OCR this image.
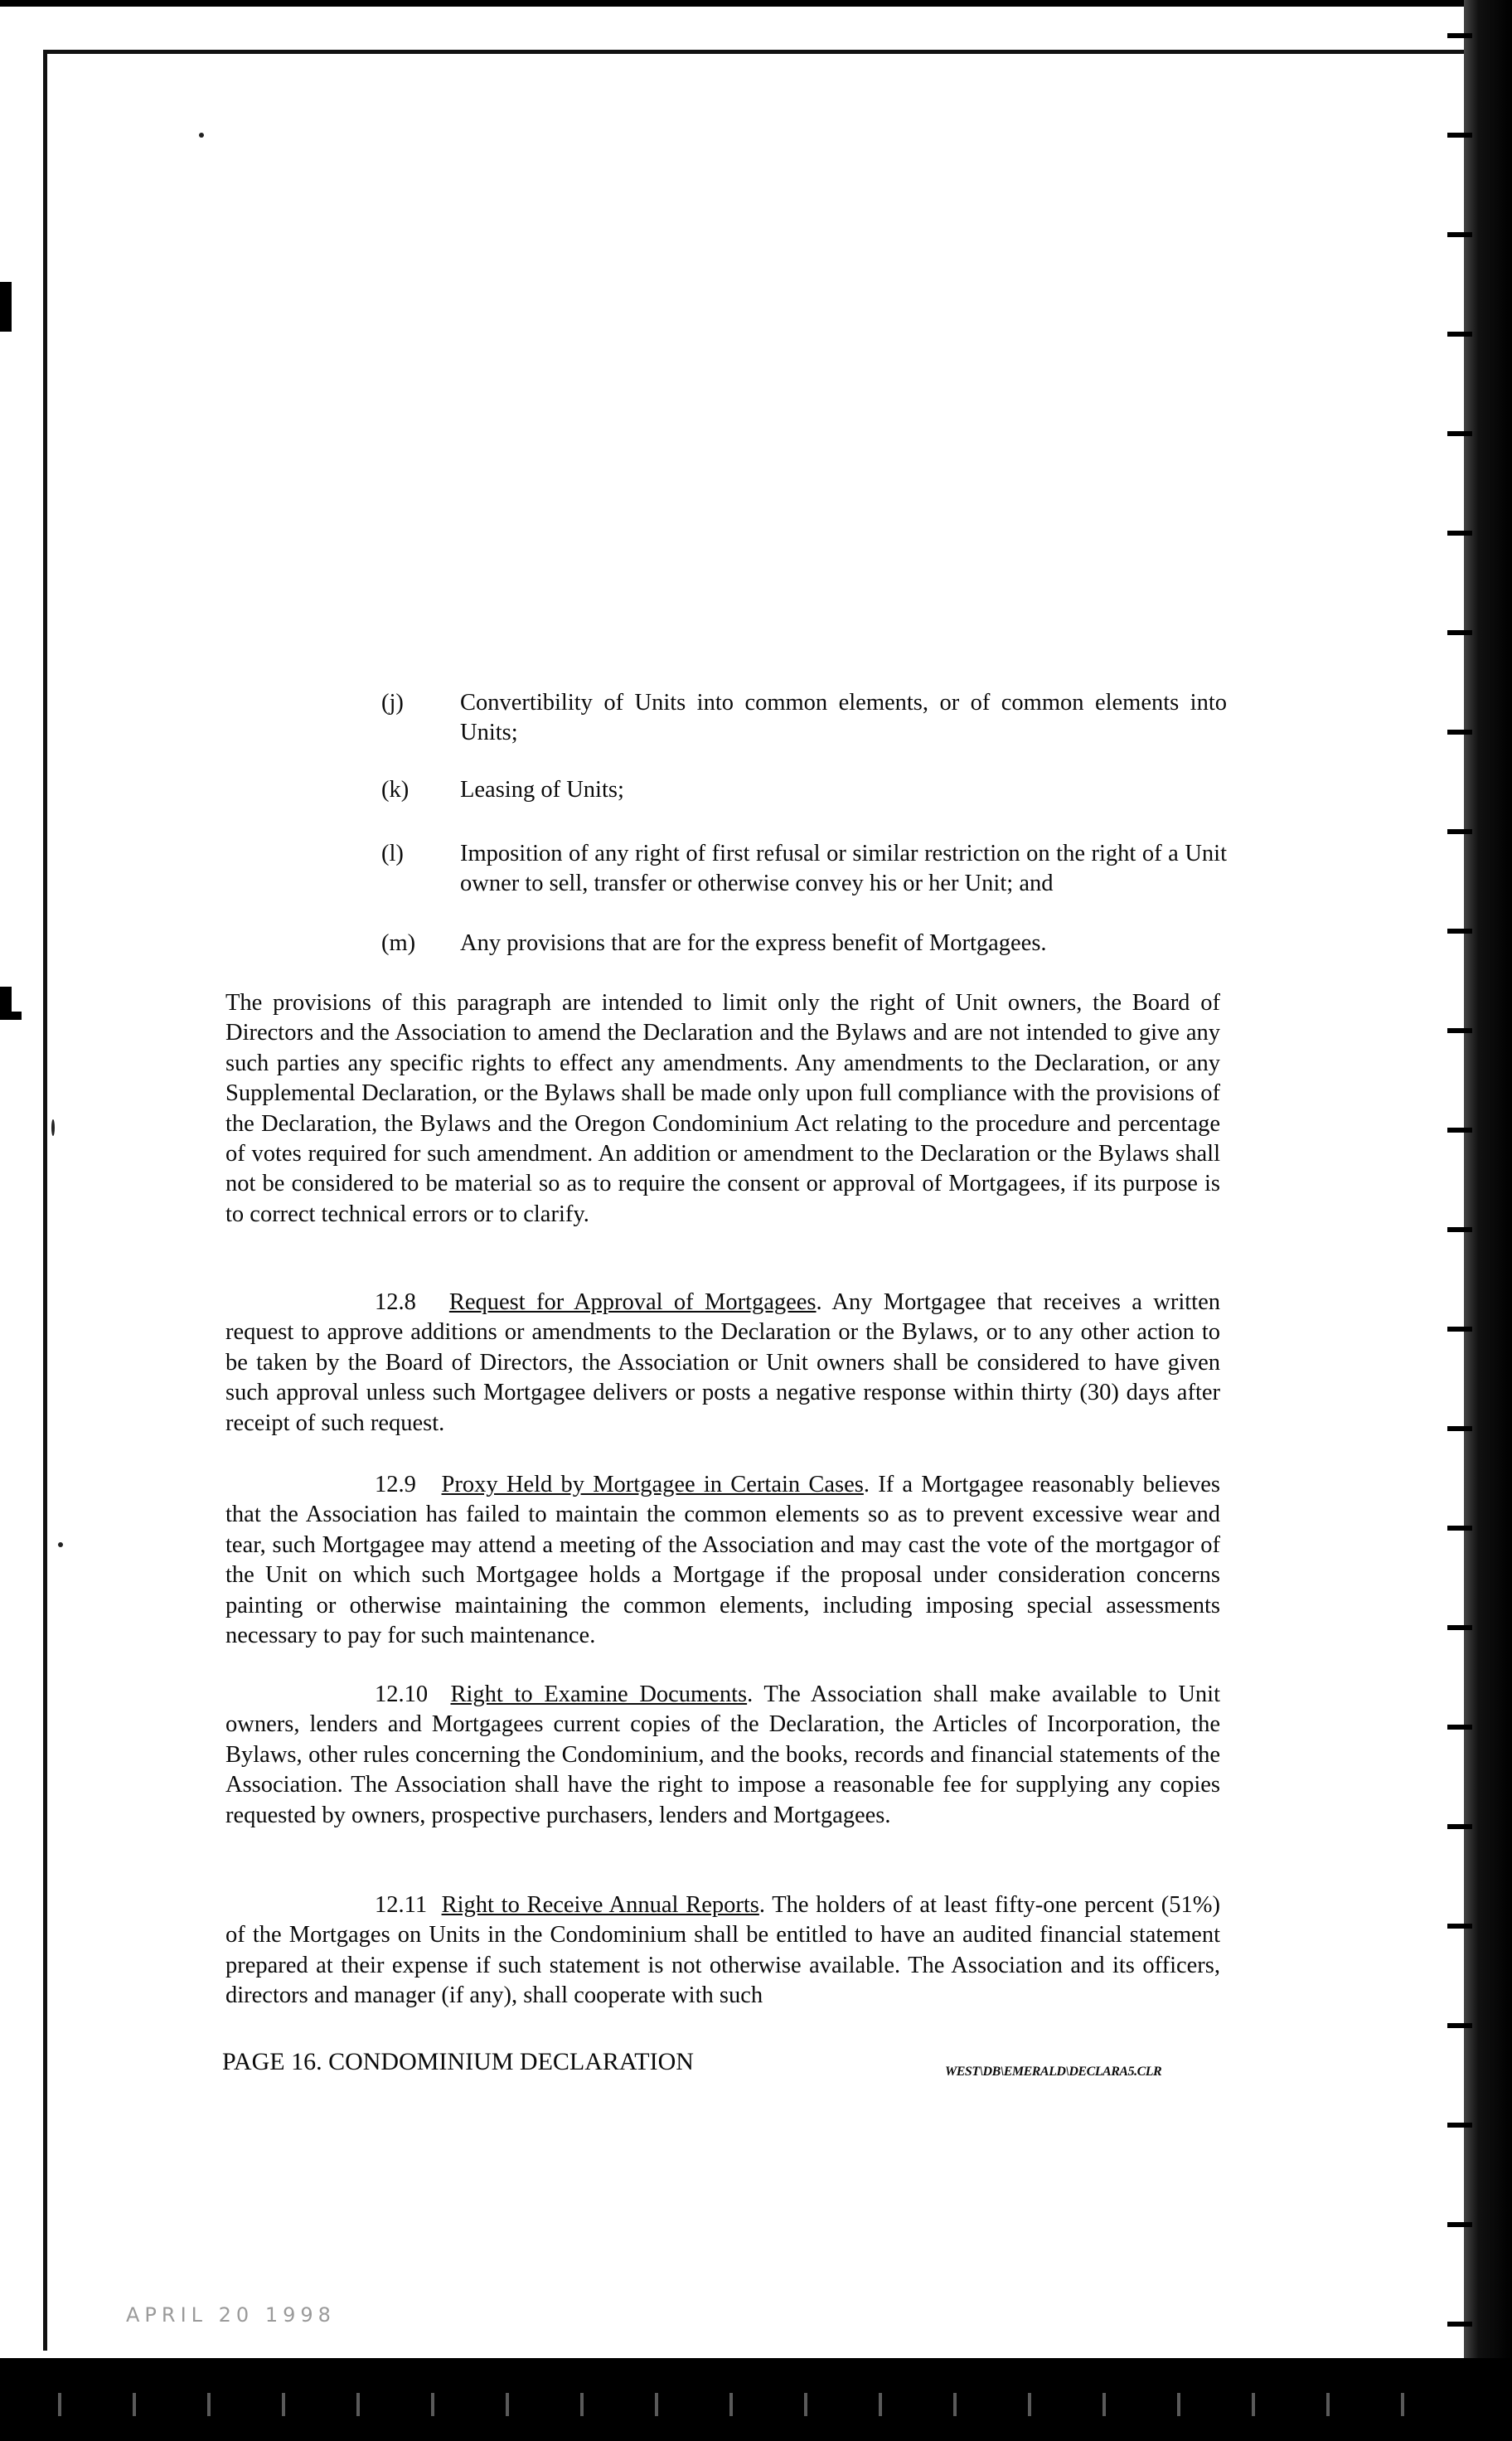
(j) Convertibility of Units into common elements, or of common elements into Units;
(k) Leasing of Units;
(l) Imposition of any right of first refusal or similar restriction on the right of a Unit owner to sell, transfer or otherwise convey his or her Unit; and
(m) Any provisions that are for the express benefit of Mortgagees.

The provisions of this paragraph are intended to limit only the right of Unit owners, the Board of Directors and the Association to amend the Declaration and the Bylaws and are not intended to give any such parties any specific rights to effect any amendments. Any amendments to the Declaration, or any Supplemental Declaration, or the Bylaws shall be made only upon full compliance with the provisions of the Declaration, the Bylaws and the Oregon Condominium Act relating to the procedure and percentage of votes required for such amendment. An addition or amendment to the Declaration or the Bylaws shall not be considered to be material so as to require the consent or approval of Mortgagees, if its purpose is to correct technical errors or to clarify.

12.8 Request for Approval of Mortgagees. Any Mortgagee that receives a written request to approve additions or amendments to the Declaration or the Bylaws, or to any other action to be taken by the Board of Directors, the Association or Unit owners shall be considered to have given such approval unless such Mortgagee delivers or posts a negative response within thirty (30) days after receipt of such request.

12.9 Proxy Held by Mortgagee in Certain Cases. If a Mortgagee reasonably believes that the Association has failed to maintain the common elements so as to prevent excessive wear and tear, such Mortgagee may attend a meeting of the Association and may cast the vote of the mortgagor of the Unit on which such Mortgagee holds a Mortgage if the proposal under consideration concerns painting or otherwise maintaining the common elements, including imposing special assessments necessary to pay for such maintenance.

12.10 Right to Examine Documents. The Association shall make available to Unit owners, lenders and Mortgagees current copies of the Declaration, the Articles of Incorporation, the Bylaws, other rules concerning the Condominium, and the books, records and financial statements of the Association. The Association shall have the right to impose a reasonable fee for supplying any copies requested by owners, prospective purchasers, lenders and Mortgagees.

12.11 Right to Receive Annual Reports. The holders of at least fifty-one percent (51%) of the Mortgages on Units in the Condominium shall be entitled to have an audited financial statement prepared at their expense if such statement is not otherwise available. The Association and its officers, directors and manager (if any), shall cooperate with such

PAGE 16. CONDOMINIUM DECLARATION	WEST\DB\EMERALD\DECLARA5.CLR
APRIL 20 1998
